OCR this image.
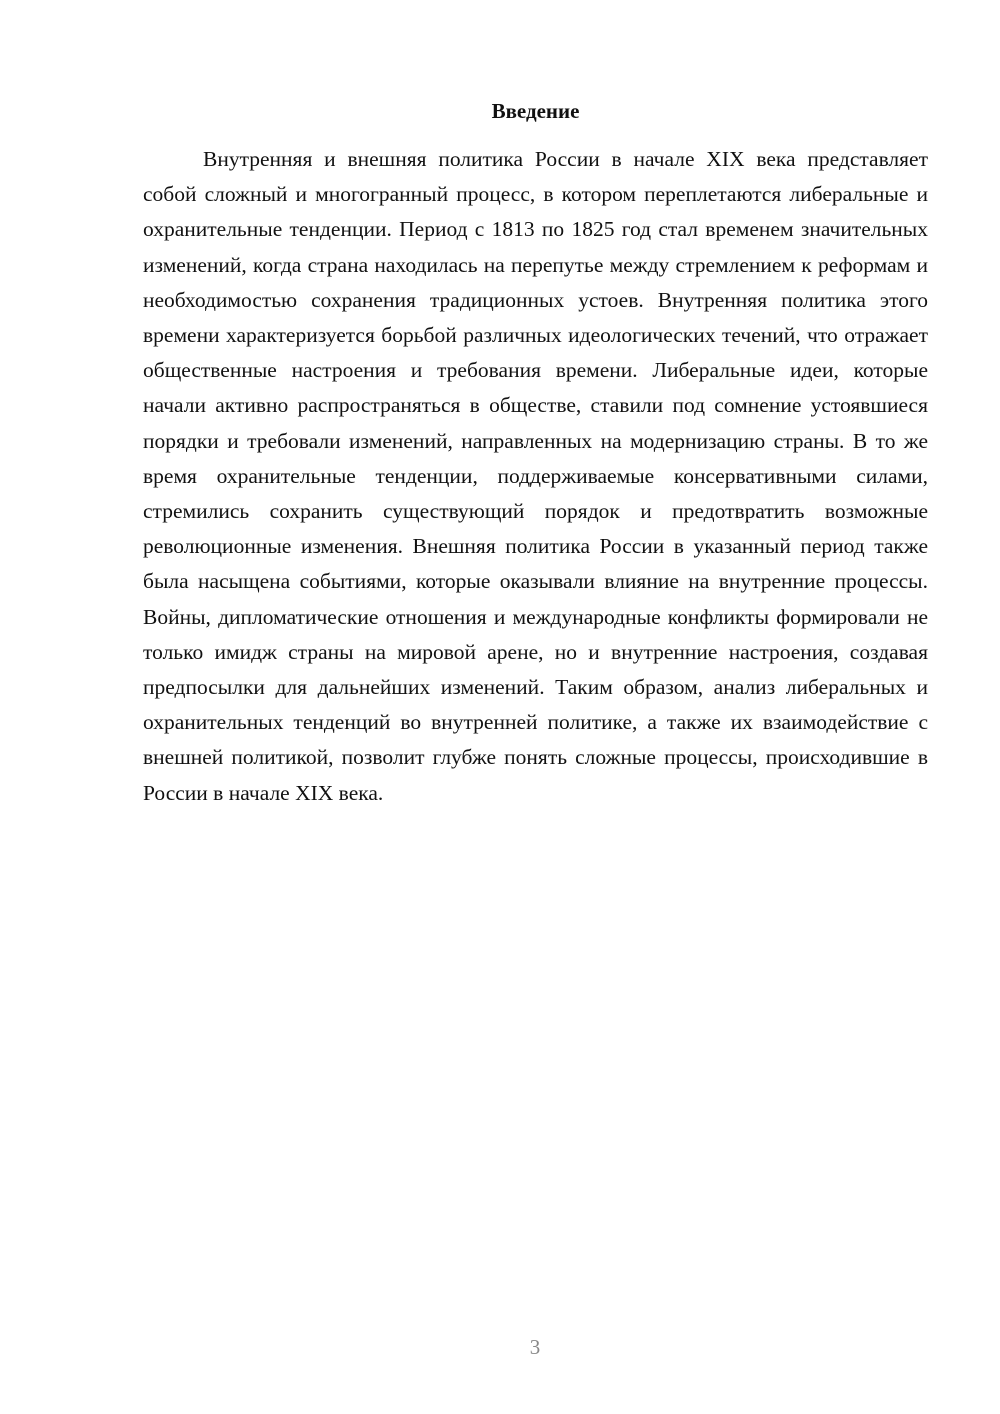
Введение

Внутренняя и внешняя политика России в начале XIX века представляет собой сложный и многогранный процесс, в котором переплетаются либеральные и охранительные тенденции. Период с 1813 по 1825 год стал временем значительных изменений, когда страна находилась на перепутье между стремлением к реформам и необходимостью сохранения традиционных устоев. Внутренняя политика этого времени характеризуется борьбой различных идеологических течений, что отражает общественные настроения и требования времени. Либеральные идеи, которые начали активно распространяться в обществе, ставили под сомнение устоявшиеся порядки и требовали изменений, направленных на модернизацию страны. В то же время охранительные тенденции, поддерживаемые консервативными силами, стремились сохранить существующий порядок и предотвратить возможные революционные изменения. Внешняя политика России в указанный период также была насыщена событиями, которые оказывали влияние на внутренние процессы. Войны, дипломатические отношения и международные конфликты формировали не только имидж страны на мировой арене, но и внутренние настроения, создавая предпосылки для дальнейших изменений. Таким образом, анализ либеральных и охранительных тенденций во внутренней политике, а также их взаимодействие с внешней политикой, позволит глубже понять сложные процессы, происходившие в России в начале XIX века.

3
